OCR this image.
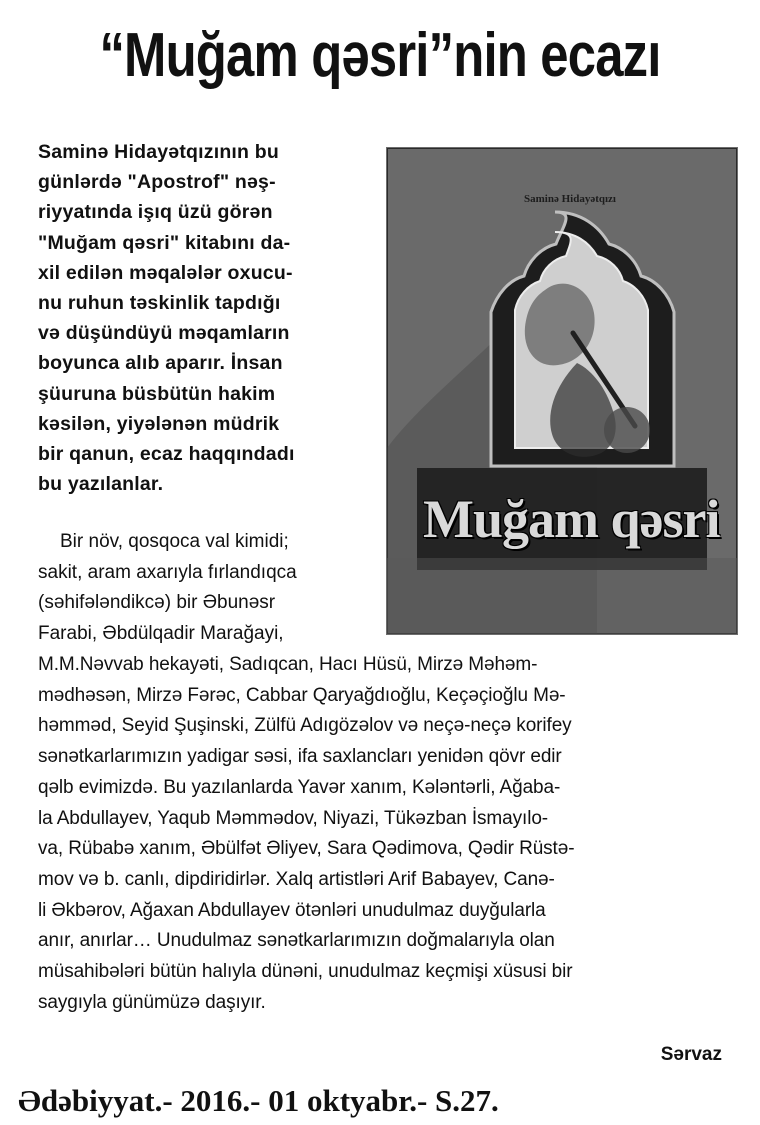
“Muğam qəsri”nin ecazı
Saminə Hidayətqızının bu
günlərdə "Apostrof" nəş-
riyyatında işıq üzü görən
"Muğam qəsri" kitabını da-
xil edilən məqalələr oxucu-
nu ruhun təskinlik tapdığı
və düşündüyü məqamların
boyunca alıb aparır. İnsan
şüuruna büsbütün hakim
kəsilən, yiyələnən müdrik
bir qanun, ecaz haqqındadı
bu yazılanlar.
Bir növ, qosqoca val kimidi;
sakit, aram axarıyla fırlandıqca
(səhifələndikcə) bir Əbunəsr
Farabi, Əbdülqadir Marağayi,
M.M.Nəvvab hekayəti, Sadıqcan, Hacı Hüsü, Mirzə Məhəm-
mədhəsən, Mirzə Fərəc, Cabbar Qaryağdıoğlu, Keçəçioğlu Mə-
həmməd, Seyid Şuşinski, Zülfü Adıgözəlov və neçə-neçə korifey
sənətkarlarımızın yadigar səsi, ifa saxlancları yenidən qövr edir
qəlb evimizdə. Bu yazılanlarda Yavər xanım, Kələntərli, Ağaba-
la Abdullayev, Yaqub Məmmədov, Niyazi, Tükəzban İsmayılo-
va, Rübabə xanım, Əbülfət Əliyev, Sara Qədimova, Qədir Rüstə-
mov və b. canlı, dipdiridirlər. Xalq artistləri Arif Babayev, Canə-
li Əkbərov, Ağaxan Abdullayev ötənləri unudulmaz duyğularla
anır, anırlar… Unudulmaz sənətkarlarımızın doğmalarıyla olan
müsahibələri bütün halıyla dünəni, unudulmaz keçmişi xüsusi bir
saygıyla günümüzə daşıyır.
Sərvaz
Ədəbiyyat.- 2016.- 01 oktyabr.- S.27.
Saminə Hidayətqızı
Muğam qəsri
